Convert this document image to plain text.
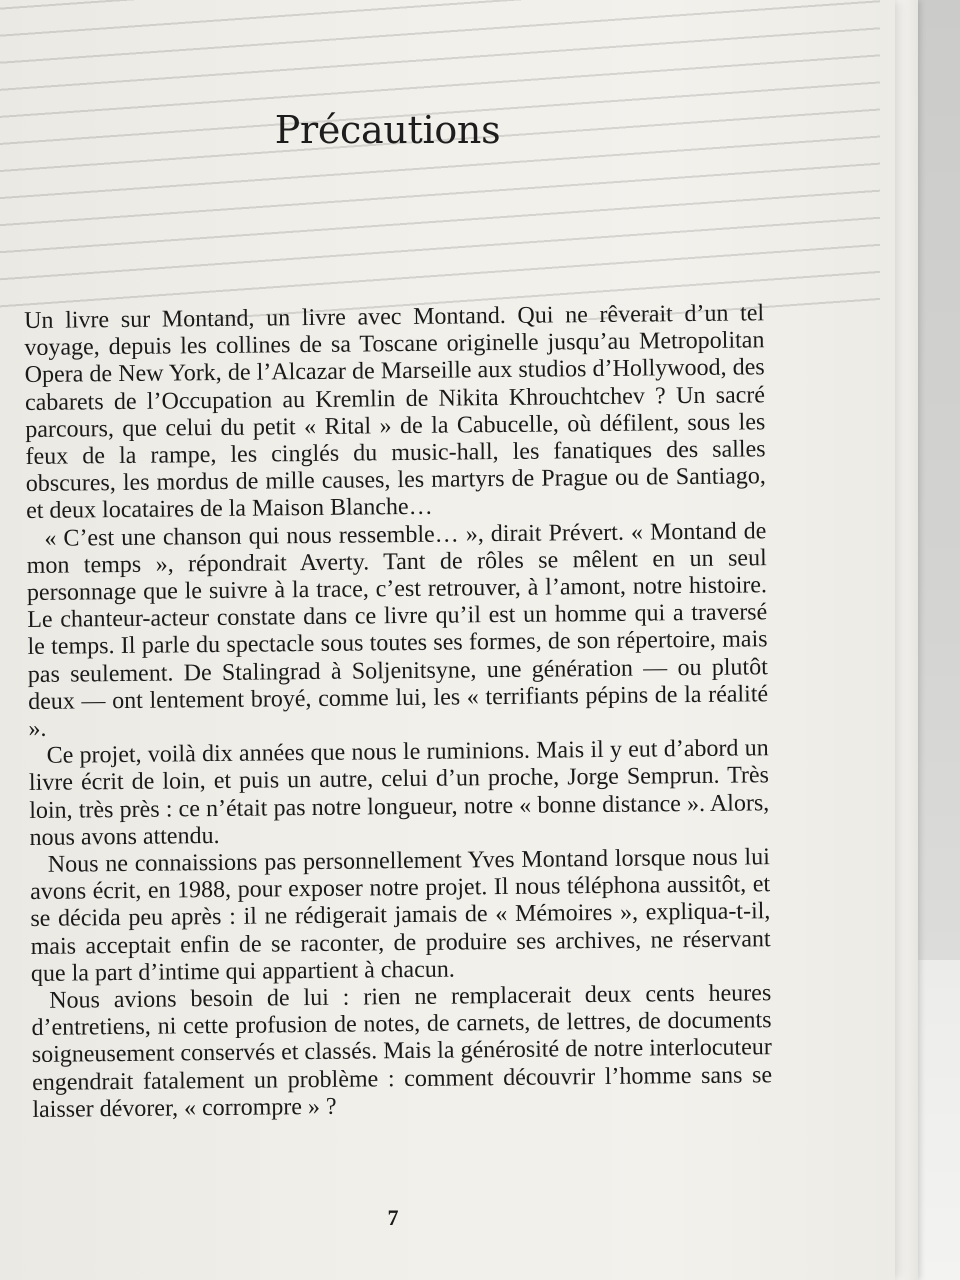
Précautions

Un livre sur Montand, un livre avec Montand. Qui ne rêverait d’un tel voyage, depuis les collines de sa Toscane originelle jusqu’au Metropolitan Opera de New York, de l’Alcazar de Marseille aux studios d’Hollywood, des cabarets de l’Occupation au Kremlin de Nikita Khrouchtchev ? Un sacré parcours, que celui du petit « Rital » de la Cabucelle, où défilent, sous les feux de la rampe, les cinglés du music-hall, les fanatiques des salles obscures, les mordus de mille causes, les martyrs de Prague ou de Santiago, et deux locataires de la Maison Blanche…

« C’est une chanson qui nous ressemble… », dirait Prévert. « Montand de mon temps », répondrait Averty. Tant de rôles se mêlent en un seul personnage que le suivre à la trace, c’est retrouver, à l’amont, notre histoire. Le chanteur-acteur constate dans ce livre qu’il est un homme qui a traversé le temps. Il parle du spectacle sous toutes ses formes, de son répertoire, mais pas seulement. De Stalingrad à Soljenitsyne, une génération — ou plutôt deux — ont lentement broyé, comme lui, les « terrifiants pépins de la réalité ».

Ce projet, voilà dix années que nous le ruminions. Mais il y eut d’abord un livre écrit de loin, et puis un autre, celui d’un proche, Jorge Semprun. Très loin, très près : ce n’était pas notre longueur, notre « bonne distance ». Alors, nous avons attendu.

Nous ne connaissions pas personnellement Yves Montand lorsque nous lui avons écrit, en 1988, pour exposer notre projet. Il nous téléphona aussitôt, et se décida peu après : il ne rédigerait jamais de « Mémoires », expliqua-t-il, mais acceptait enfin de se raconter, de produire ses archives, ne réservant que la part d’intime qui appartient à chacun.

Nous avions besoin de lui : rien ne remplacerait deux cents heures d’entretiens, ni cette profusion de notes, de carnets, de lettres, de documents soigneusement conservés et classés. Mais la générosité de notre interlocuteur engendrait fatalement un problème : comment découvrir l’homme sans se laisser dévorer, « corrompre » ?

7
